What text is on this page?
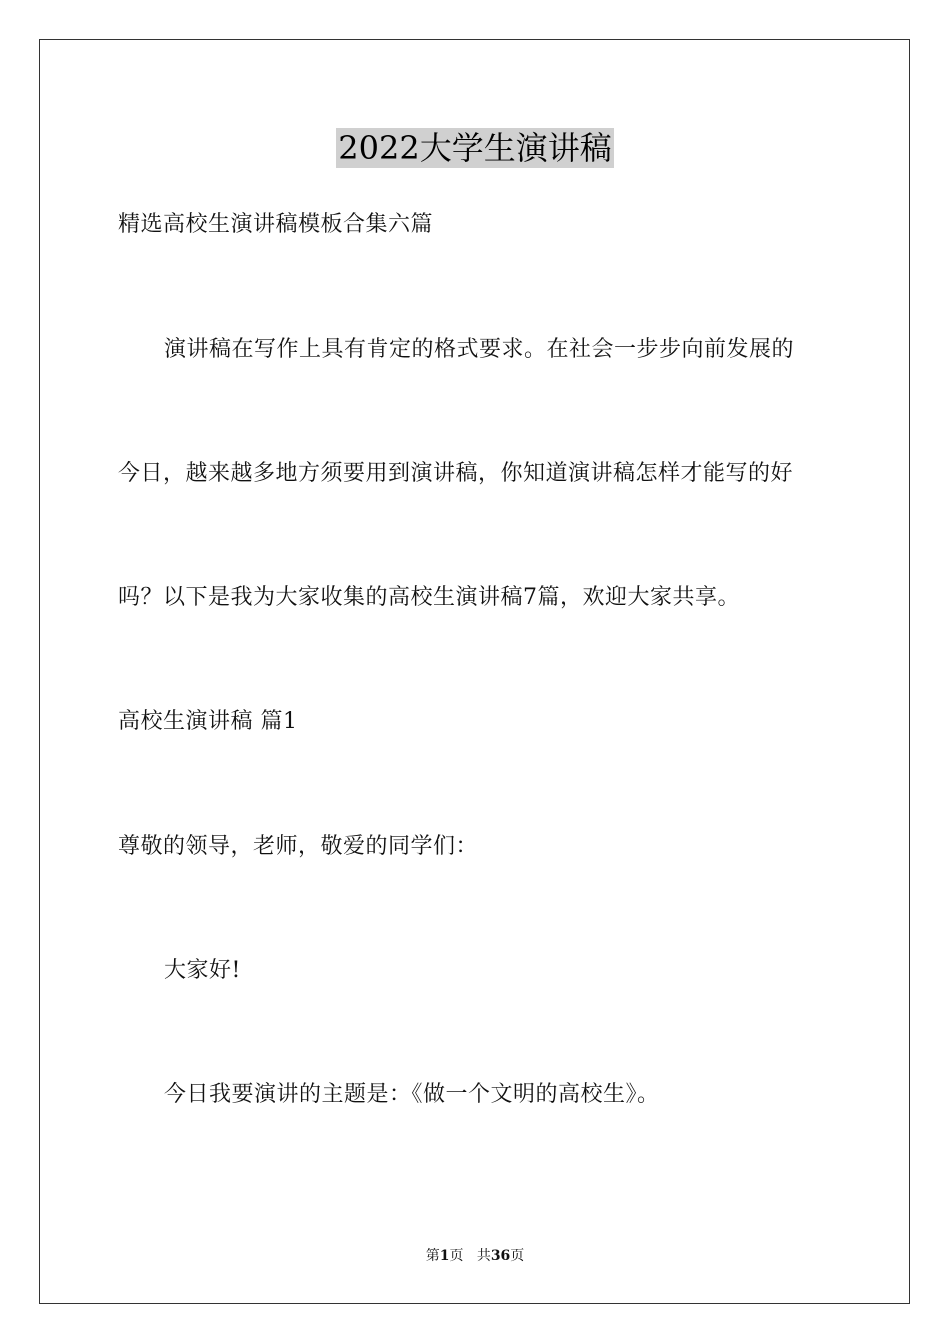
2022大学生演讲稿
精选高校生演讲稿模板合集六篇
演讲稿在写作上具有肯定的格式要求。在社会一步步向前发展的
今日，越来越多地方须要用到演讲稿，你知道演讲稿怎样才能写的好
吗？以下是我为大家收集的高校生演讲稿7篇，欢迎大家共享。
高校生演讲稿 篇1
尊敬的领导，老师，敬爱的同学们：
大家好!
今日我要演讲的主题是：《做一个文明的高校生》。
第1页 共36页
